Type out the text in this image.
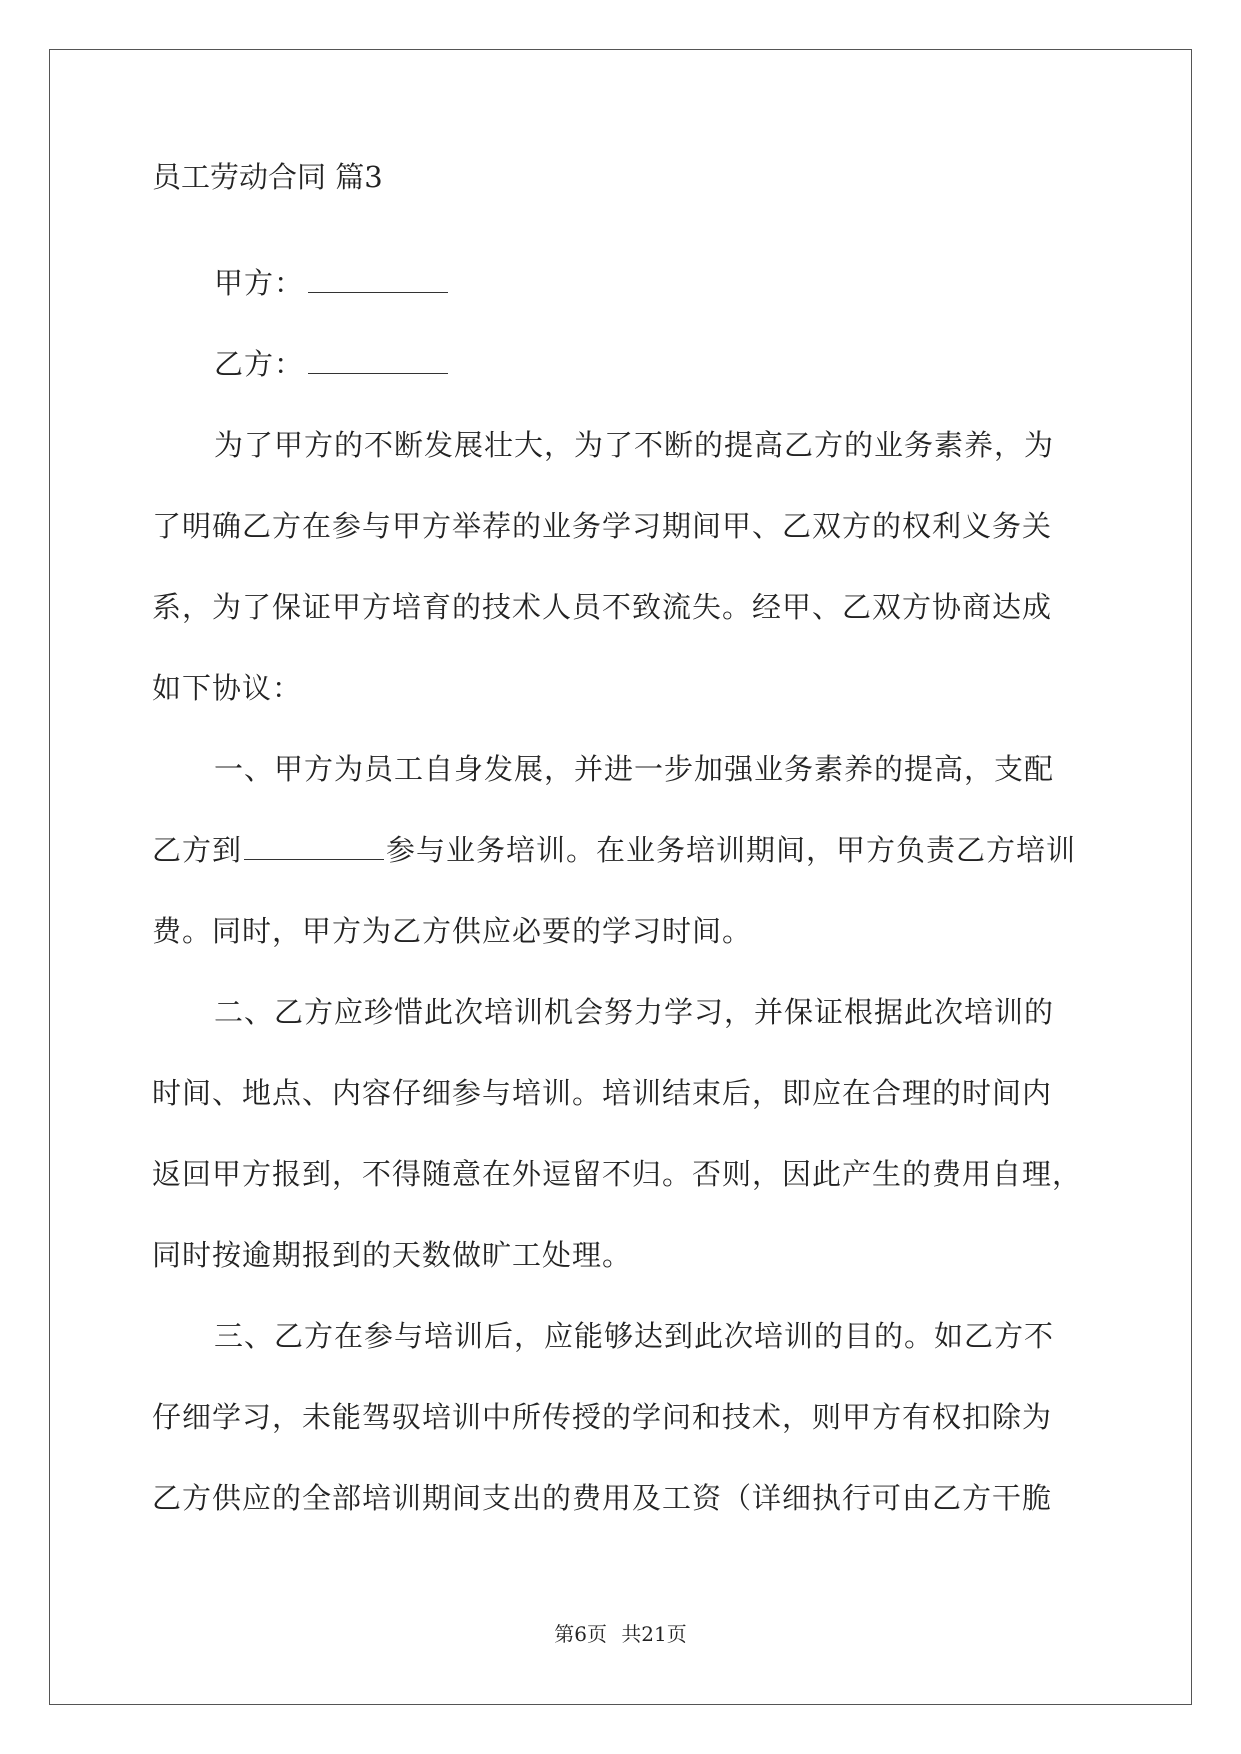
员工劳动合同 篇3
甲方：
乙方：
为了甲方的不断发展壮大，为了不断的提高乙方的业务素养，为
了明确乙方在参与甲方举荐的业务学习期间甲、乙双方的权利义务关
系，为了保证甲方培育的技术人员不致流失。经甲、乙双方协商达成
如下协议：
一、甲方为员工自身发展，并进一步加强业务素养的提高，支配
乙方到	参与业务培训。在业务培训期间，甲方负责乙方培训
费。同时，甲方为乙方供应必要的学习时间。
二、乙方应珍惜此次培训机会努力学习，并保证根据此次培训的
时间、地点、内容仔细参与培训。培训结束后，即应在合理的时间内
返回甲方报到，不得随意在外逗留不归。否则，因此产生的费用自理，
同时按逾期报到的天数做旷工处理。
三、乙方在参与培训后，应能够达到此次培训的目的。如乙方不
仔细学习，未能驾驭培训中所传授的学问和技术，则甲方有权扣除为
乙方供应的全部培训期间支出的费用及工资（详细执行可由乙方干脆
第6页 共21页
